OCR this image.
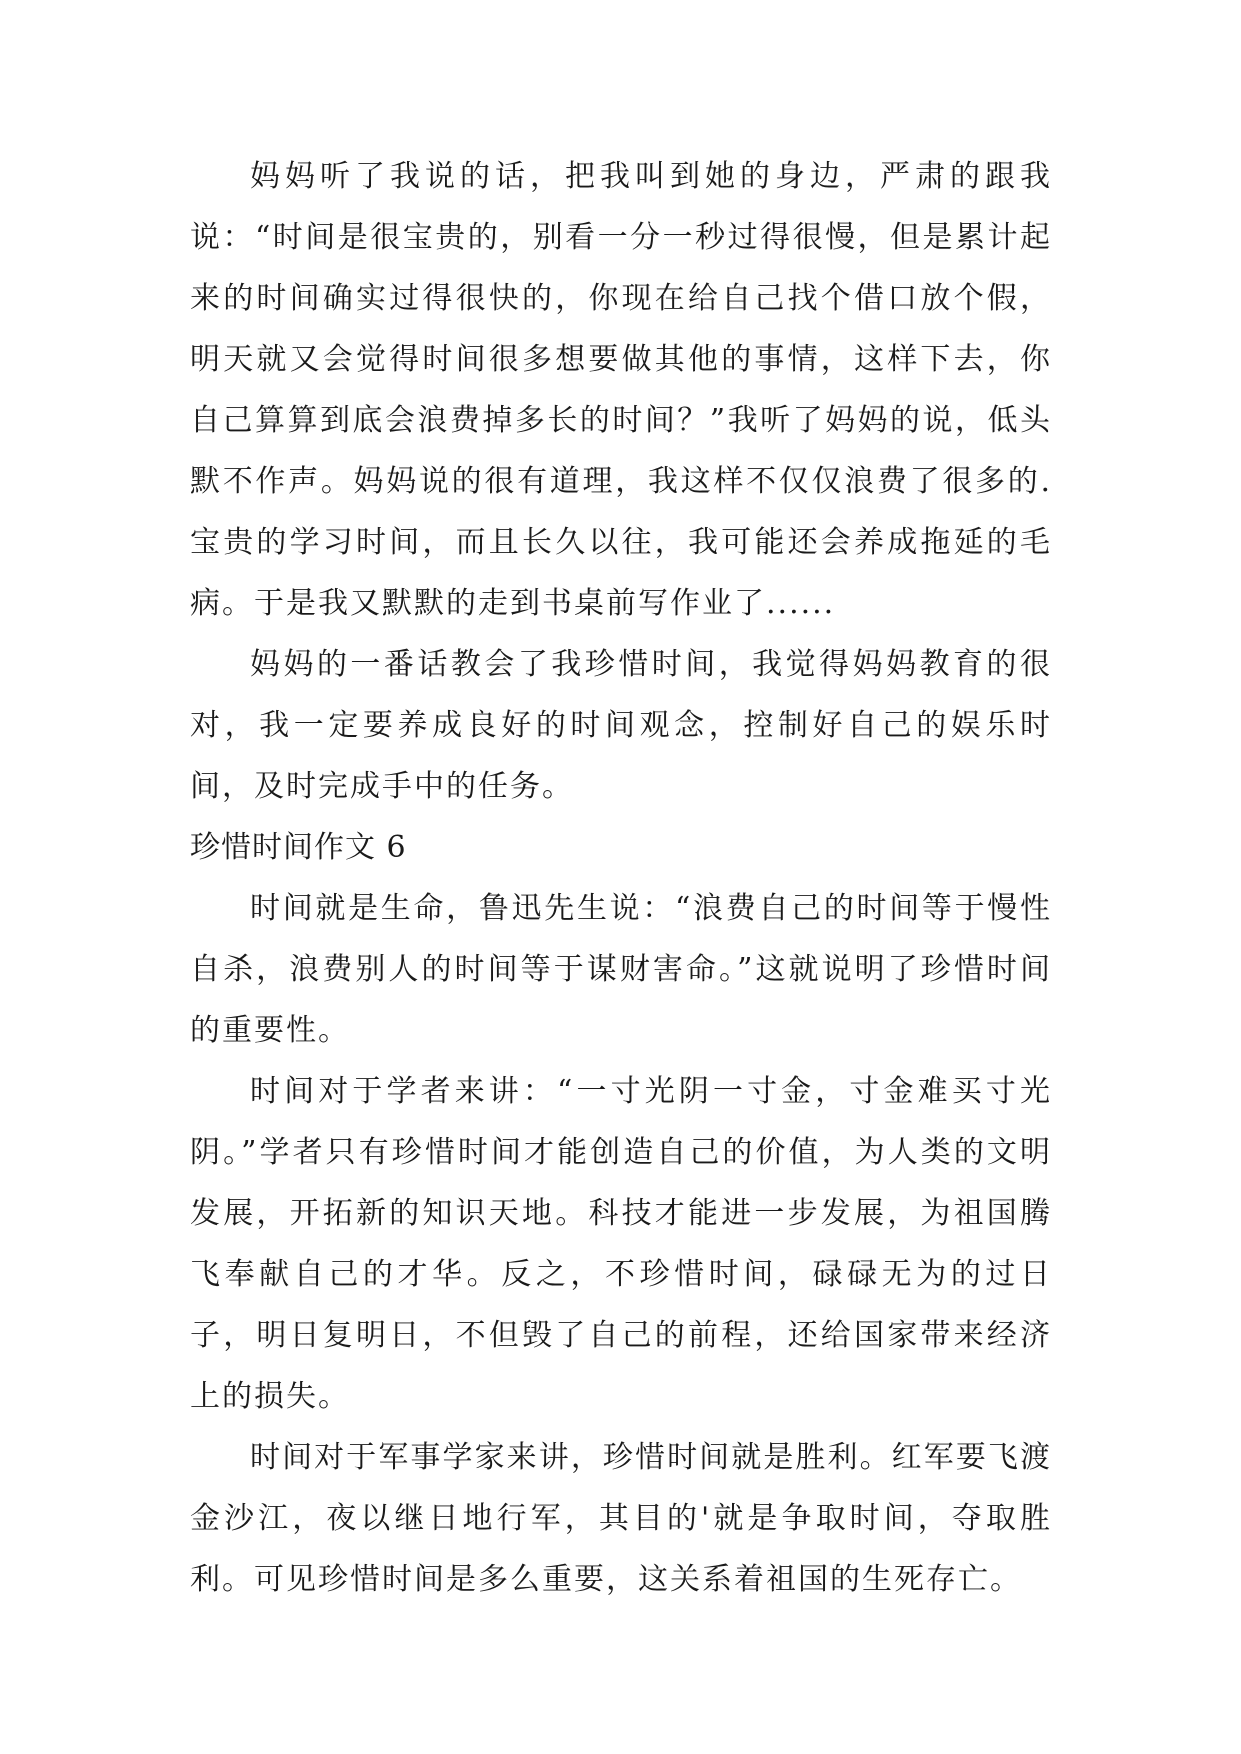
妈妈听了我说的话，把我叫到她的身边，严肃的跟我说：“时间是很宝贵的，别看一分一秒过得很慢，但是累计起来的时间确实过得很快的，你现在给自己找个借口放个假，明天就又会觉得时间很多想要做其他的事情，这样下去，你自己算算到底会浪费掉多长的时间？”我听了妈妈的说，低头默不作声。妈妈说的很有道理，我这样不仅仅浪费了很多的.宝贵的学习时间，而且长久以往，我可能还会养成拖延的毛病。于是我又默默的走到书桌前写作业了......

妈妈的一番话教会了我珍惜时间，我觉得妈妈教育的很对，我一定要养成良好的时间观念，控制好自己的娱乐时间，及时完成手中的任务。

珍惜时间作文 6

时间就是生命，鲁迅先生说：“浪费自己的时间等于慢性自杀，浪费别人的时间等于谋财害命。”这就说明了珍惜时间的重要性。

时间对于学者来讲：“一寸光阴一寸金，寸金难买寸光阴。”学者只有珍惜时间才能创造自己的价值，为人类的文明发展，开拓新的知识天地。科技才能进一步发展，为祖国腾飞奉献自己的才华。反之，不珍惜时间，碌碌无为的过日子，明日复明日，不但毁了自己的前程，还给国家带来经济上的损失。

时间对于军事学家来讲，珍惜时间就是胜利。红军要飞渡金沙江，夜以继日地行军，其目的'就是争取时间，夺取胜利。可见珍惜时间是多么重要，这关系着祖国的生死存亡。
